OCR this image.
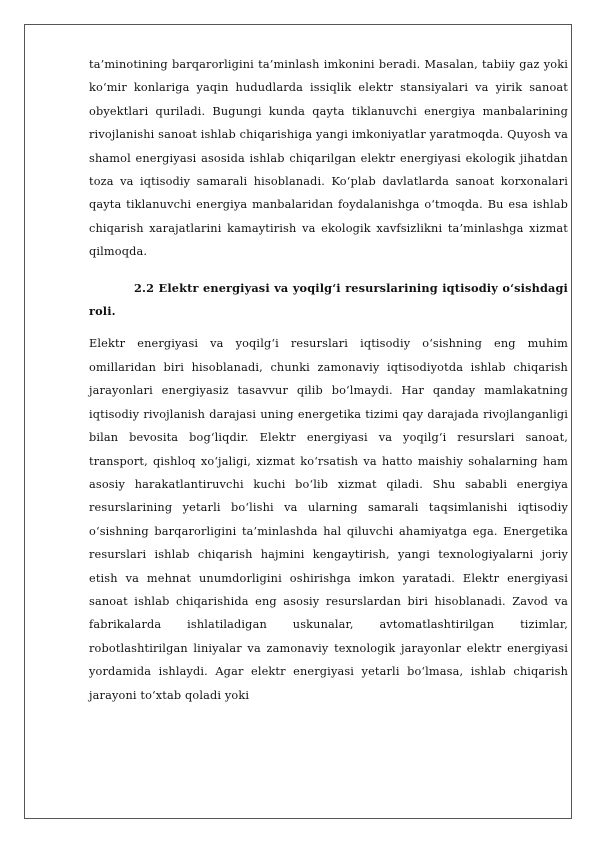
ta’minotining barqarorligini ta’minlash imkonini beradi. Masalan, tabiiy gaz yoki ko‘mir konlariga yaqin hududlarda issiqlik elektr stansiyalari va yirik sanoat obyektlari quriladi. Bugungi kunda qayta tiklanuvchi energiya manbalarining rivojlanishi sanoat ishlab chiqarishiga yangi imkoniyatlar yaratmoqda. Quyosh va shamol energiyasi asosida ishlab chiqarilgan elektr energiyasi ekologik jihatdan toza va iqtisodiy samarali hisoblanadi. Ko‘plab davlatlarda sanoat korxonalari qayta tiklanuvchi energiya manbalaridan foydalanishga o‘tmoqda. Bu esa ishlab chiqarish xarajatlarini kamaytirish va ekologik xavfsizlikni ta’minlashga xizmat qilmoqda.

2.2 Elektr energiyasi va yoqilg‘i resurslarining iqtisodiy o‘sishdagi roli.

Elektr energiyasi va yoqilg‘i resurslari iqtisodiy o‘sishning eng muhim omillaridan biri hisoblanadi, chunki zamonaviy iqtisodiyotda ishlab chiqarish jarayonlari energiyasiz tasavvur qilib bo‘lmaydi. Har qanday mamlakatning iqtisodiy rivojlanish darajasi uning energetika tizimi qay darajada rivojlanganligi bilan bevosita bog‘liqdir. Elektr energiyasi va yoqilg‘i resurslari sanoat, transport, qishloq xo‘jaligi, xizmat ko‘rsatish va hatto maishiy sohalarning ham asosiy harakatlantiruvchi kuchi bo‘lib xizmat qiladi. Shu sababli energiya resurslarining yetarli bo‘lishi va ularning samarali taqsimlanishi iqtisodiy o‘sishning barqarorligini ta’minlashda hal qiluvchi ahamiyatga ega. Energetika resurslari ishlab chiqarish hajmini kengaytirish, yangi texnologiyalarni joriy etish va mehnat unumdorligini oshirishga imkon yaratadi. Elektr energiyasi sanoat ishlab chiqarishida eng asosiy resurslardan biri hisoblanadi. Zavod va fabrikalarda ishlatiladigan uskunalar, avtomatlashtirilgan tizimlar, robotlashtirilgan liniyalar va zamonaviy texnologik jarayonlar elektr energiyasi yordamida ishlaydi. Agar elektr energiyasi yetarli bo‘lmasa, ishlab chiqarish jarayoni to‘xtab qoladi yoki
